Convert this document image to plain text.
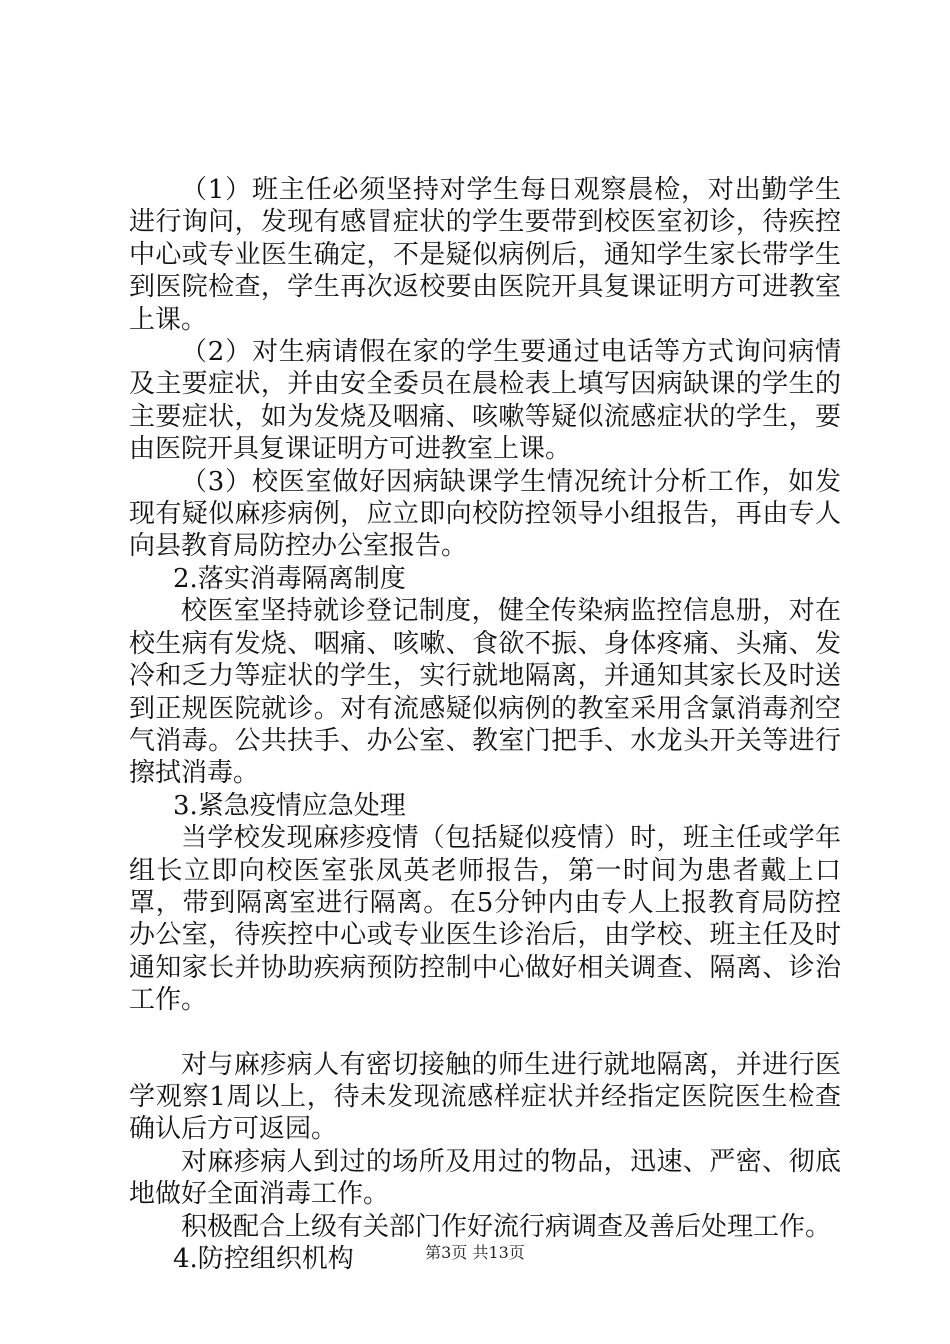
（1）班主任必须坚持对学生每日观察晨检，对出勤学生进行询问，发现有感冒症状的学生要带到校医室初诊，待疾控中心或专业医生确定，不是疑似病例后，通知学生家长带学生到医院检查，学生再次返校要由医院开具复课证明方可进教室上课。

（2）对生病请假在家的学生要通过电话等方式询问病情及主要症状，并由安全委员在晨检表上填写因病缺课的学生的主要症状，如为发烧及咽痛、咳嗽等疑似流感症状的学生，要由医院开具复课证明方可进教室上课。

（3）校医室做好因病缺课学生情况统计分析工作，如发现有疑似麻疹病例，应立即向校防控领导小组报告，再由专人向县教育局防控办公室报告。

2.落实消毒隔离制度

校医室坚持就诊登记制度，健全传染病监控信息册，对在校生病有发烧、咽痛、咳嗽、食欲不振、身体疼痛、头痛、发冷和乏力等症状的学生，实行就地隔离，并通知其家长及时送到正规医院就诊。对有流感疑似病例的教室采用含氯消毒剂空气消毒。公共扶手、办公室、教室门把手、水龙头开关等进行擦拭消毒。

3.紧急疫情应急处理

当学校发现麻疹疫情（包括疑似疫情）时，班主任或学年组长立即向校医室张凤英老师报告，第一时间为患者戴上口罩，带到隔离室进行隔离。在5分钟内由专人上报教育局防控办公室，待疾控中心或专业医生诊治后，由学校、班主任及时通知家长并协助疾病预防控制中心做好相关调查、隔离、诊治工作。

对与麻疹病人有密切接触的师生进行就地隔离，并进行医学观察1周以上，待未发现流感样症状并经指定医院医生检查确认后方可返园。

对麻疹病人到过的场所及用过的物品，迅速、严密、彻底地做好全面消毒工作。

积极配合上级有关部门作好流行病调查及善后处理工作。

4.防控组织机构	第3页 共13页
